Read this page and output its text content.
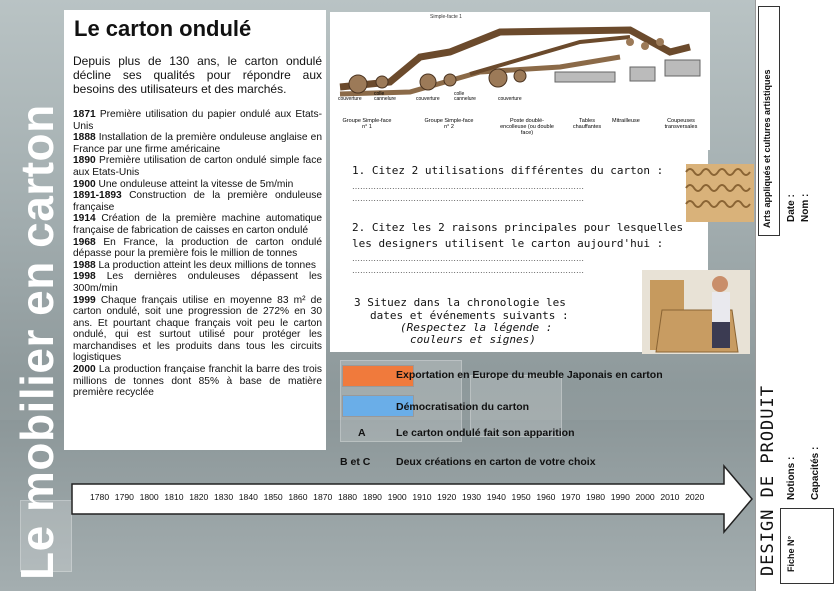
Le mobilier en carton
Le carton ondulé
Depuis plus de 130 ans, le carton ondulé décline ses qualités pour répondre aux besoins des utilisateurs et des marchés.
1871 Première utilisation du papier ondulé aux Etats-Unis
1888 Installation de la première onduleuse anglaise en France par une firme américaine
1890 Première utilisation de carton ondulé simple face aux Etats-Unis
1900 Une onduleuse atteint la vitesse de 5m/min
1891-1893 Construction de la première onduleuse française
1914 Création de la première machine automatique française de fabrication de caisses en carton ondulé
1968 En France, la production de carton ondulé dépasse pour la première fois le million de tonnes
1988 La production atteint les deux millions de tonnes
1998 Les dernières onduleuses dépassent les 300m/min
1999 Chaque français utilise en moyenne 83 m² de carton ondulé, soit une progression de 272% en 30 ans. Et pourtant chaque français voit peu le carton ondulé, qui est surtout utilisé pour protéger les marchandises et les produits dans tous les circuits logistiques
2000 La production française franchit la barre des trois millions de tonnes dont 85% à base de matière première recyclée
Simple-facte 1
couverture
colle cannelure	couverture
colle cannelure	couverture
Groupe Simple-face n° 1
Groupe Simple-face n° 2
Poste doublé-encolleuse (ou double face)
Tables chauffantes
Mitrailleuse	Coupeuses transversales
1. Citez 2 utilisations différentes du carton :
……………………………………………………………………………
……………………………………………………………………………
2. Citez les 2 raisons principales pour lesquelles les designers utilisent le carton aujourd'hui :
……………………………………………………………………………
……………………………………………………………………………
3 Situez dans la chronologie les
dates et événements suivants :
(Respectez la légende :
couleurs et signes)
Exportation en Europe du meuble Japonais en carton
Démocratisation du carton
A	Le carton ondulé fait son apparition
B et C Deux créations en carton de votre choix
1780 1790 1800 1810 1820 1830 1840 1850 1860 1870 1880 1890 1900 1910 1920 1930 1940 1950 1960 1970 1980 1990 2000 2010 2020
Arts appliqués et cultures artistiques Date : Nom :
DESIGN DE PRODUIT Notions : Capacités :
Fiche N°
